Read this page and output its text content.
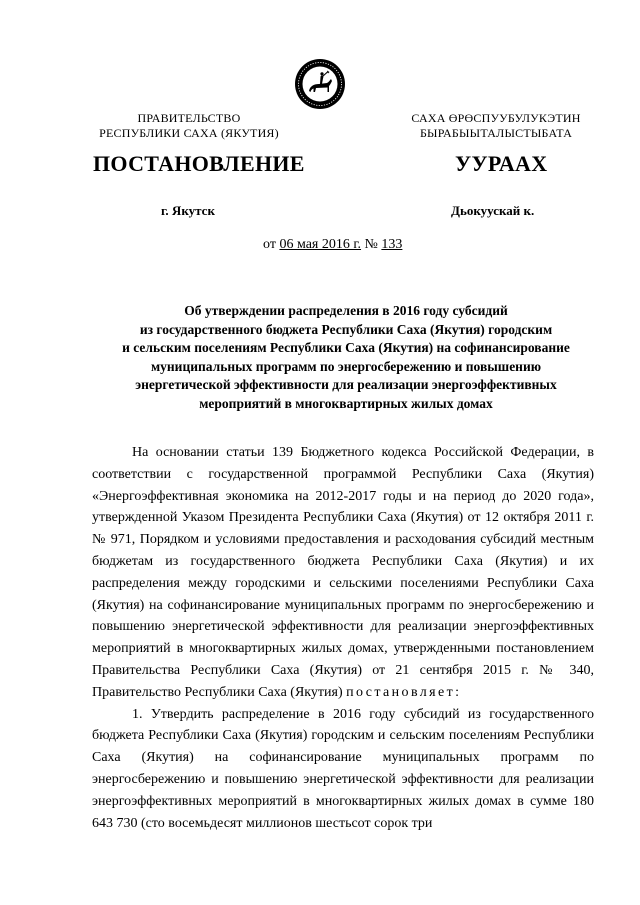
ПРАВИТЕЛЬСТВО
РЕСПУБЛИКИ САХА (ЯКУТИЯ)
САХА ӨРӨСПУУБУЛУКЭТИН
БЫРАБЫЫТАЛЫСТЫБАТА
ПОСТАНОВЛЕНИЕ	УУРААХ
г. Якутск	Дьокуускай к.
от 06 мая 2016 г. № 133
Об утверждении распределения в 2016 году субсидий
из государственного бюджета Республики Саха (Якутия) городским
и сельским поселениям Республики Саха (Якутия) на софинансирование
муниципальных программ по энергосбережению и повышению
энергетической эффективности для реализации энергоэффективных
мероприятий в многоквартирных жилых домах

На основании статьи 139 Бюджетного кодекса Российской Федерации, в соответствии с государственной программой Республики Саха (Якутия) «Энергоэффективная экономика на 2012-2017 годы и на период до 2020 года», утвержденной Указом Президента Республики Саха (Якутия) от 12 октября 2011 г. № 971, Порядком и условиями предоставления и расходования субсидий местным бюджетам из государственного бюджета Республики Саха (Якутия) и их распределения между городскими и сельскими поселениями Республики Саха (Якутия) на софинансирование муниципальных программ по энергосбережению и повышению энергетической эффективности для реализации энергоэффективных мероприятий в многоквартирных жилых домах, утвержденными постановлением Правительства Республики Саха (Якутия) от 21 сентября 2015 г. № 340, Правительство Республики Саха (Якутия) постановляет:

1. Утвердить распределение в 2016 году субсидий из государственного бюджета Республики Саха (Якутия) городским и сельским поселениям Республики Саха (Якутия) на софинансирование муниципальных программ по энергосбережению и повышению энергетической эффективности для реализации энергоэффективных мероприятий в многоквартирных жилых домах в сумме 180 643 730 (сто восемьдесят миллионов шестьсот сорок три
